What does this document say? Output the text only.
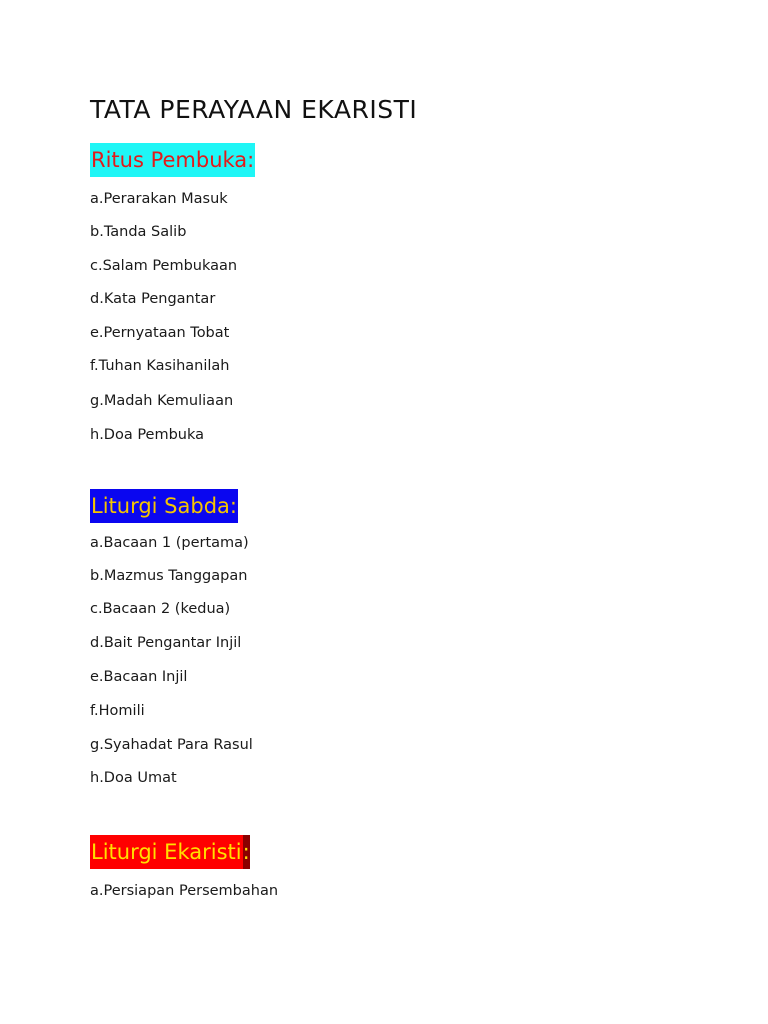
TATA PERAYAAN EKARISTI
Ritus Pembuka:
a.Perarakan Masuk
b.Tanda Salib
c.Salam Pembukaan
d.Kata Pengantar
e.Pernyataan Tobat
f.Tuhan Kasihanilah
g.Madah Kemuliaan
h.Doa Pembuka
Liturgi Sabda:
a.Bacaan 1 (pertama)
b.Mazmus Tanggapan
c.Bacaan 2 (kedua)
d.Bait Pengantar Injil
e.Bacaan Injil
f.Homili
g.Syahadat Para Rasul
h.Doa Umat
Liturgi Ekaristi:
a.Persiapan Persembahan
